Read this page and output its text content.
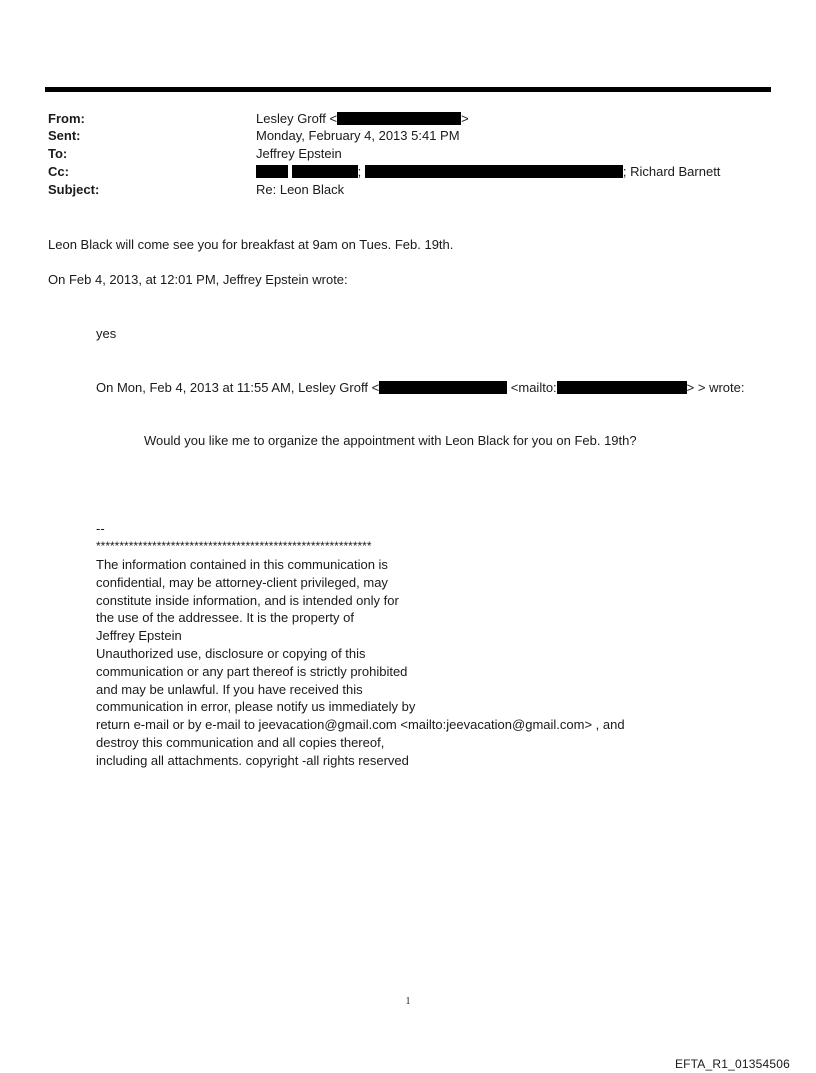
From:	Lesley Groff <	>
Sent:	Monday, February 4, 2013 5:41 PM
To:	Jeffrey Epstein
Cc:	;	; Richard Barnett
Subject:	Re: Leon Black
Leon Black will come see you for breakfast at 9am on Tues. Feb. 19th.
On Feb 4, 2013, at 12:01 PM, Jeffrey Epstein wrote:
yes
On Mon, Feb 4, 2013 at 11:55 AM, Lesley Groff <	<mailto:	> > wrote:
Would you like me to organize the appointment with Leon Black for you on Feb. 19th?
--
***********************************************************
The information contained in this communication is
confidential, may be attorney-client privileged, may
constitute inside information, and is intended only for
the use of the addressee. It is the property of
Jeffrey Epstein
Unauthorized use, disclosure or copying of this
communication or any part thereof is strictly prohibited
and may be unlawful. If you have received this
communication in error, please notify us immediately by
return e-mail or by e-mail to jeevacation@gmail.com <mailto:jeevacation@gmail.com> , and
destroy this communication and all copies thereof,
including all attachments. copyright -all rights reserved
1
EFTA_R1_01354506
